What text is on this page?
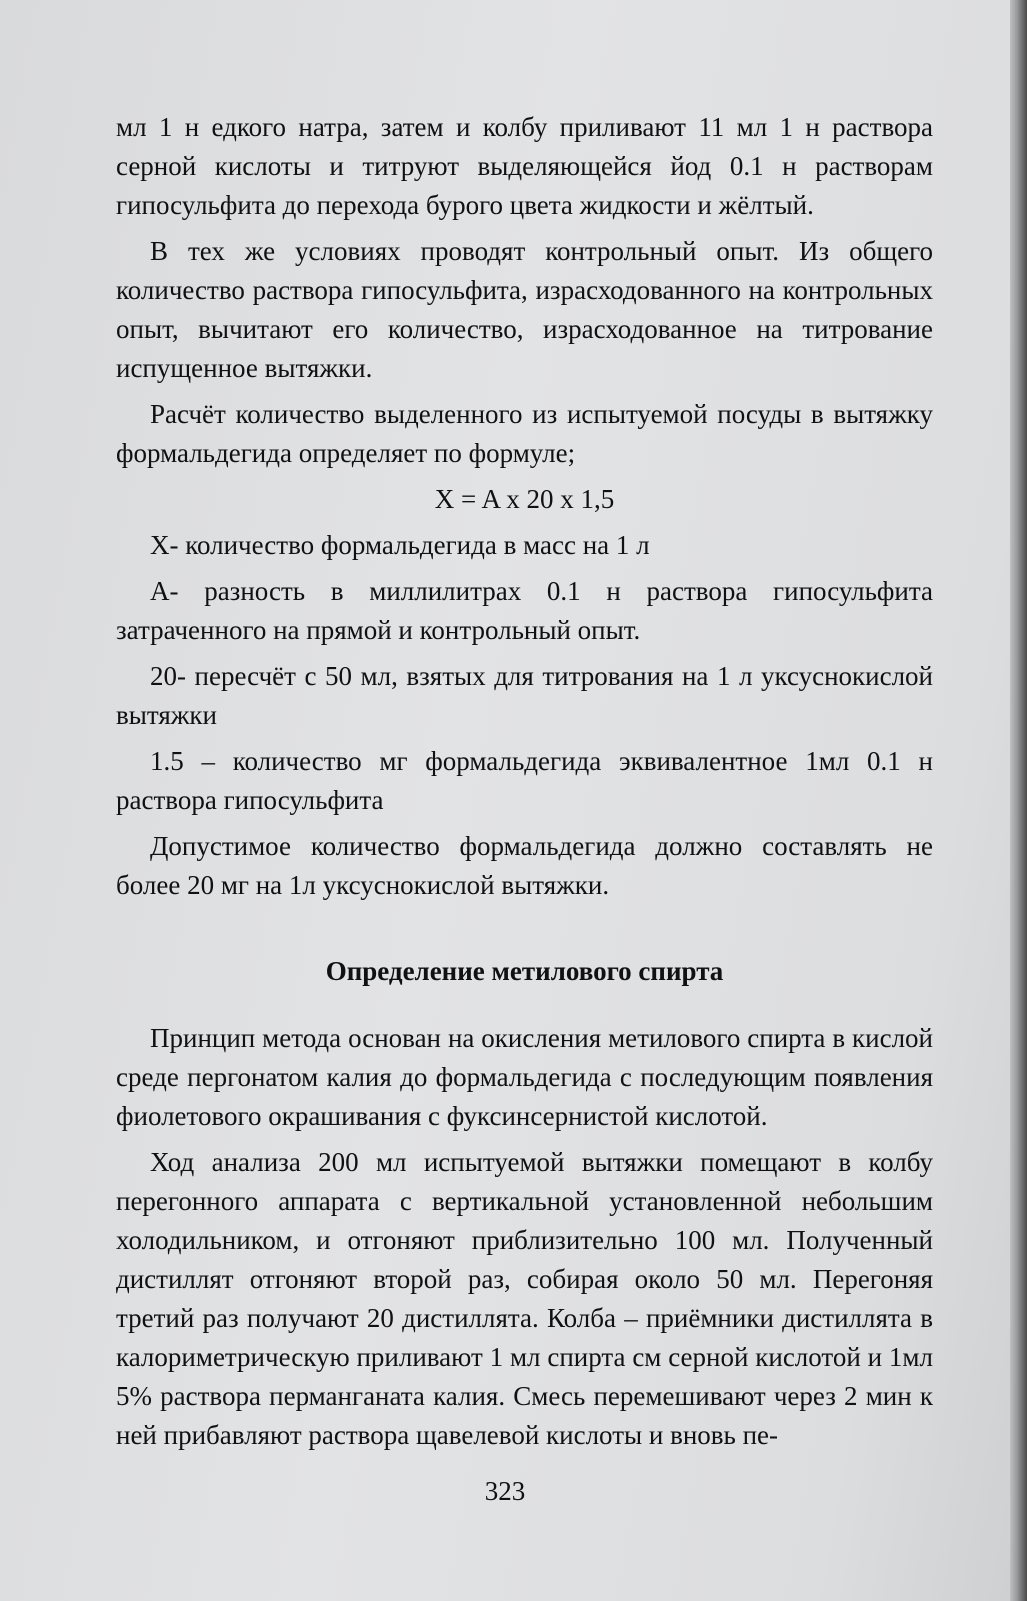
мл 1 н едкого натра, затем и колбу приливают 11 мл 1 н раствора серной кислоты и титруют выделяющейся йод 0.1 н растворам гипосульфита до перехода бурого цвета жидкости и жёлтый.

В тех же условиях проводят контрольный опыт. Из общего количество раствора гипосульфита, израсходованного на контрольных опыт, вычитают его количество, израсходованное на титрование испущенное вытяжки.

Расчёт количество выделенного из испытуемой посуды в вытяжку формальдегида определяет по формуле;

X = A x 20 x 1,5

X- количество формальдегида в масс на 1 л

А- разность в миллилитрах 0.1 н раствора гипосульфита затраченного на прямой и контрольный опыт.

20- пересчёт с 50 мл, взятых для титрования на 1 л уксуснокислой вытяжки

1.5 – количество мг формальдегида эквивалентное 1мл 0.1 н раствора гипосульфита

Допустимое количество формальдегида должно составлять не более 20 мг на 1л уксуснокислой вытяжки.

Определение метилового спирта

Принцип метода основан на окисления метилового спирта в кислой среде пергонатом калия до формальдегида с последующим появления фиолетового окрашивания с фуксинсернистой кислотой.

Ход анализа 200 мл испытуемой вытяжки помещают в колбу перегонного аппарата с вертикальной установленной небольшим холодильником, и отгоняют приблизительно 100 мл. Полученный дистиллят отгоняют второй раз, собирая около 50 мл. Перегоняя третий раз получают 20 дистиллята. Колба – приёмники дистиллята в калориметрическую приливают 1 мл спирта см серной кислотой и 1мл 5% раствора перманганата калия. Смесь перемешивают через 2 мин к ней прибавляют раствора щавелевой кислоты и вновь пе-

323
